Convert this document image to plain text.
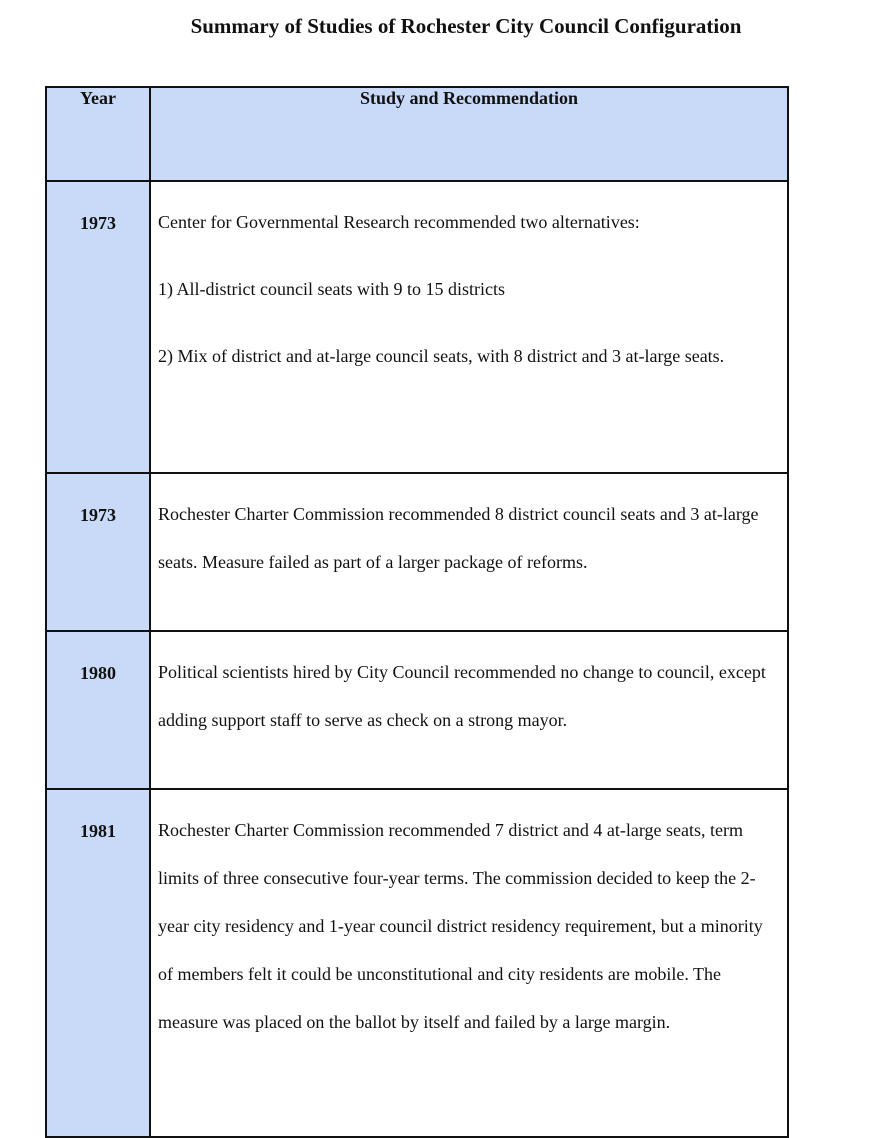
Summary of Studies of Rochester City Council Configuration
Year	Study and Recommendation

1973	Center for Governmental Research recommended two alternatives:

1) All-district council seats with 9 to 15 districts

2) Mix of district and at-large council seats, with 8 district and 3 at-large seats.

1973	Rochester Charter Commission recommended 8 district council seats and 3 at-large seats. Measure failed as part of a larger package of reforms.

1980	Political scientists hired by City Council recommended no change to council, except adding support staff to serve as check on a strong mayor.

1981	Rochester Charter Commission recommended 7 district and 4 at-large seats, term limits of three consecutive four-year terms. The commission decided to keep the 2-year city residency and 1-year council district residency requirement, but a minority of members felt it could be unconstitutional and city residents are mobile. The measure was placed on the ballot by itself and failed by a large margin.
